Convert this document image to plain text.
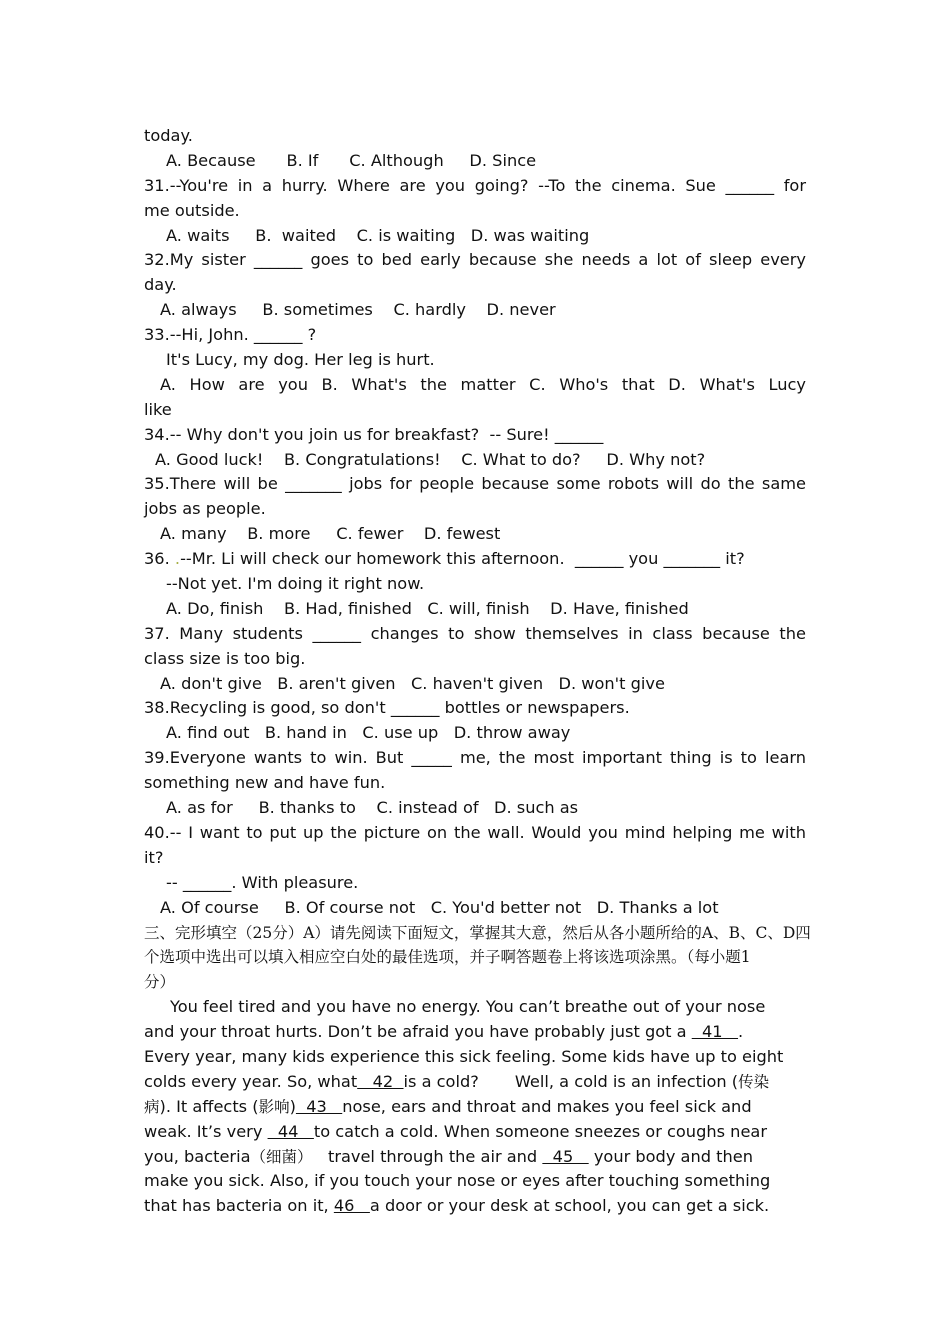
today.
A. Because      B. If      C. Although     D. Since
31.--You're in a hurry. Where are you going? --To the cinema. Sue ______ for
me outside.
A. waits     B.  waited    C. is waiting   D. was waiting
32.My sister ______ goes to bed early because she needs a lot of sleep every
day.
A. always     B. sometimes    C. hardly    D. never
33.--Hi, John. ______ ?
It's Lucy, my dog. Her leg is hurt.
A. How are you B. What's the matter C. Who's that D. What's Lucy
like
34.-- Why don't you join us for breakfast?  -- Sure! ______
A. Good luck!    B. Congratulations!    C. What to do?     D. Why not?
35.There will be _______ jobs for people because some robots will do the same
jobs as people.
A. many    B. more     C. fewer    D. fewest
36. .--Mr. Li will check our homework this afternoon.  ______ you _______ it?
--Not yet. I'm doing it right now.
A. Do, finish    B. Had, finished   C. will, finish    D. Have, finished
37. Many students ______ changes to show themselves in class because the
class size is too big.
A. don't give   B. aren't given   C. haven't given   D. won't give
38.Recycling is good, so don't ______ bottles or newspapers.
A. find out   B. hand in   C. use up   D. throw away
39.Everyone wants to win. But _____ me, the most important thing is to learn
something new and have fun.
A. as for     B. thanks to    C. instead of   D. such as
40.-- I want to put up the picture on the wall. Would you mind helping me with
it?
-- ______. With pleasure.
A. Of course     B. Of course not   C. You'd better not   D. Thanks a lot
三、完形填空（25分）A）请先阅读下面短文，掌握其大意，然后从各小题所给的A、B、C、D四
个选项中选出可以填入相应空白处的最佳选项，并子啊答题卷上将该选项涂黑。（每小题1
分）
You feel tired and you have no energy. You can’t breathe out of your nose
and your throat hurts. Don’t be afraid you have probably just got a   41   .
Every year, many kids experience this sick feeling. Some kids have up to eight
colds every year. So, what   42  is a cold?       Well, a cold is an infection (传染
病). It affects (影响)  43   nose, ears and throat and makes you feel sick and
weak. It’s very   44   to catch a cold. When someone sneezes or coughs near
you, bacteria（细菌）   travel through the air and   45    your body and then
make you sick. Also, if you touch your nose or eyes after touching something
that has bacteria on it, 46   a door or your desk at school, you can get a sick.
